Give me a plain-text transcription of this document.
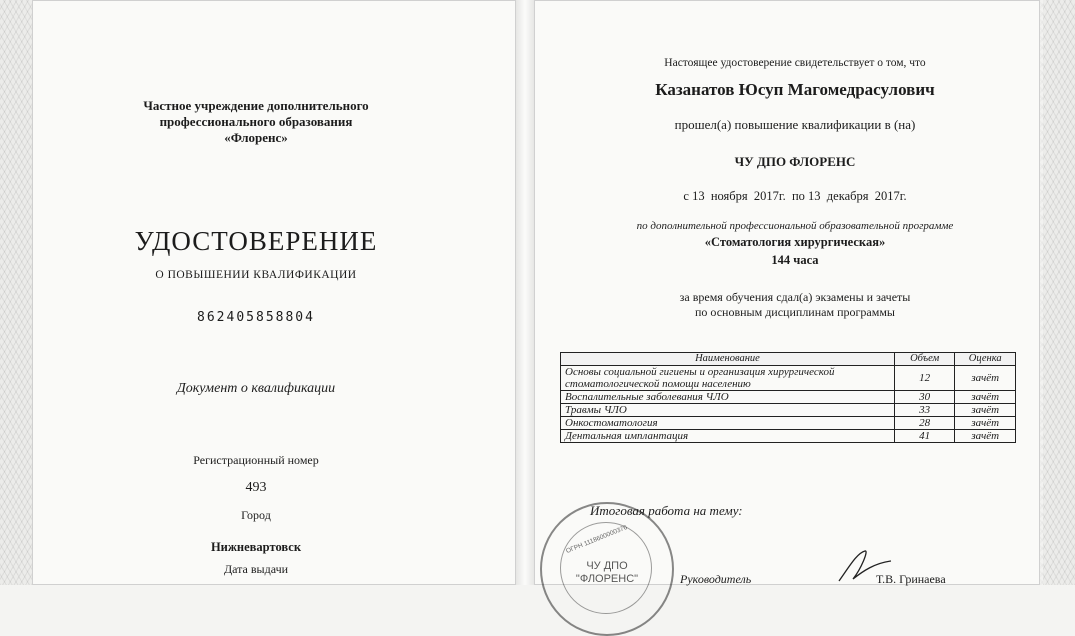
Частное учреждение дополнительного
профессионального образования
«Флоренс»
УДОСТОВЕРЕНИЕ
О ПОВЫШЕНИИ КВАЛИФИКАЦИИ
862405858804
Документ о квалификации
Регистрационный номер
493
Город
Нижневартовск
Дата выдачи
Настоящее удостоверение свидетельствует о том, что
Казанатов Юсуп Магомедрасулович
прошел(а) повышение квалификации в (на)
ЧУ ДПО ФЛОРЕНС
с 13  ноября  2017г.  по 13  декабря  2017г.
по дополнительной профессиональной образовательной программе
«Стоматология хирургическая»
144 часа
за время обучения сдал(а) экзамены и зачеты
по основным дисциплинам программы
Наименование	Объем	Оценка

Основы социальной гигиены и организация хирургической
стоматологической помощи населению	12	зачёт
Воспалительные заболевания ЧЛО	30	зачёт
Травмы ЧЛО	33	зачёт
Онкостоматология	28	зачёт
Дентальная имплантация	41	зачёт
ОГРН 1118600000376
ЧУ ДПО
"ФЛОРЕНС"
Итоговая работа на тему:
Руководитель	Т.В. Гринаева
